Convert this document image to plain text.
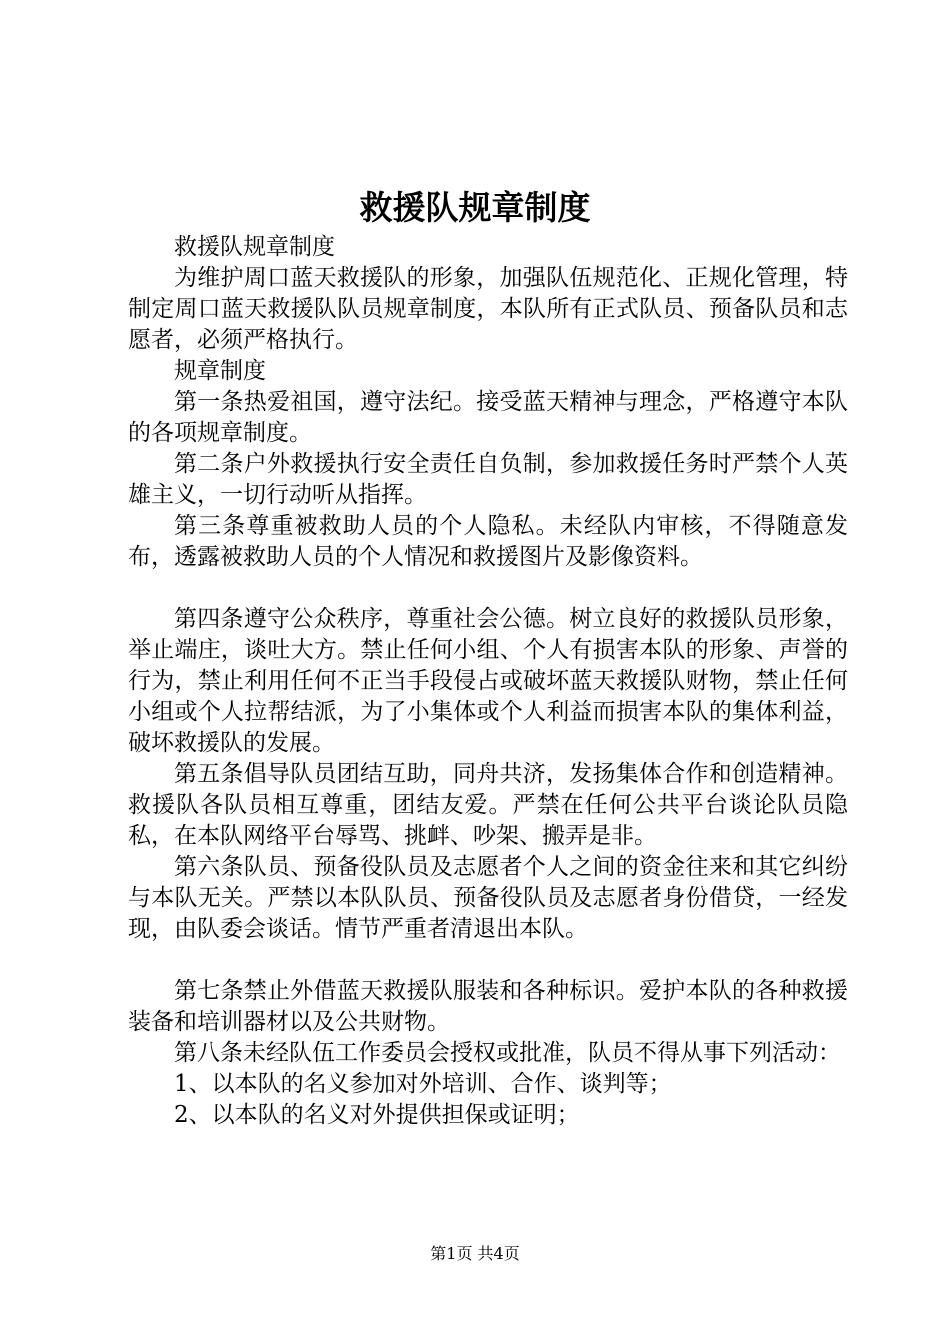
救援队规章制度

救援队规章制度

为维护周口蓝天救援队的形象，加强队伍规范化、正规化管理，特制定周口蓝天救援队队员规章制度，本队所有正式队员、预备队员和志愿者，必须严格执行。

规章制度

第一条热爱祖国，遵守法纪。接受蓝天精神与理念，严格遵守本队的各项规章制度。

第二条户外救援执行安全责任自负制，参加救援任务时严禁个人英雄主义，一切行动听从指挥。

第三条尊重被救助人员的个人隐私。未经队内审核，不得随意发布，透露被救助人员的个人情况和救援图片及影像资料。

第四条遵守公众秩序，尊重社会公德。树立良好的救援队员形象，举止端庄，谈吐大方。禁止任何小组、个人有损害本队的形象、声誉的行为，禁止利用任何不正当手段侵占或破坏蓝天救援队财物，禁止任何小组或个人拉帮结派，为了小集体或个人利益而损害本队的集体利益，破坏救援队的发展。

第五条倡导队员团结互助，同舟共济，发扬集体合作和创造精神。救援队各队员相互尊重，团结友爱。严禁在任何公共平台谈论队员隐私，在本队网络平台辱骂、挑衅、吵架、搬弄是非。

第六条队员、预备役队员及志愿者个人之间的资金往来和其它纠纷与本队无关。严禁以本队队员、预备役队员及志愿者身份借贷，一经发现，由队委会谈话。情节严重者清退出本队。

第七条禁止外借蓝天救援队服装和各种标识。爱护本队的各种救援装备和培训器材以及公共财物。

第八条未经队伍工作委员会授权或批准，队员不得从事下列活动：

1、以本队的名义参加对外培训、合作、谈判等；

2、以本队的名义对外提供担保或证明；

第1页 共4页
